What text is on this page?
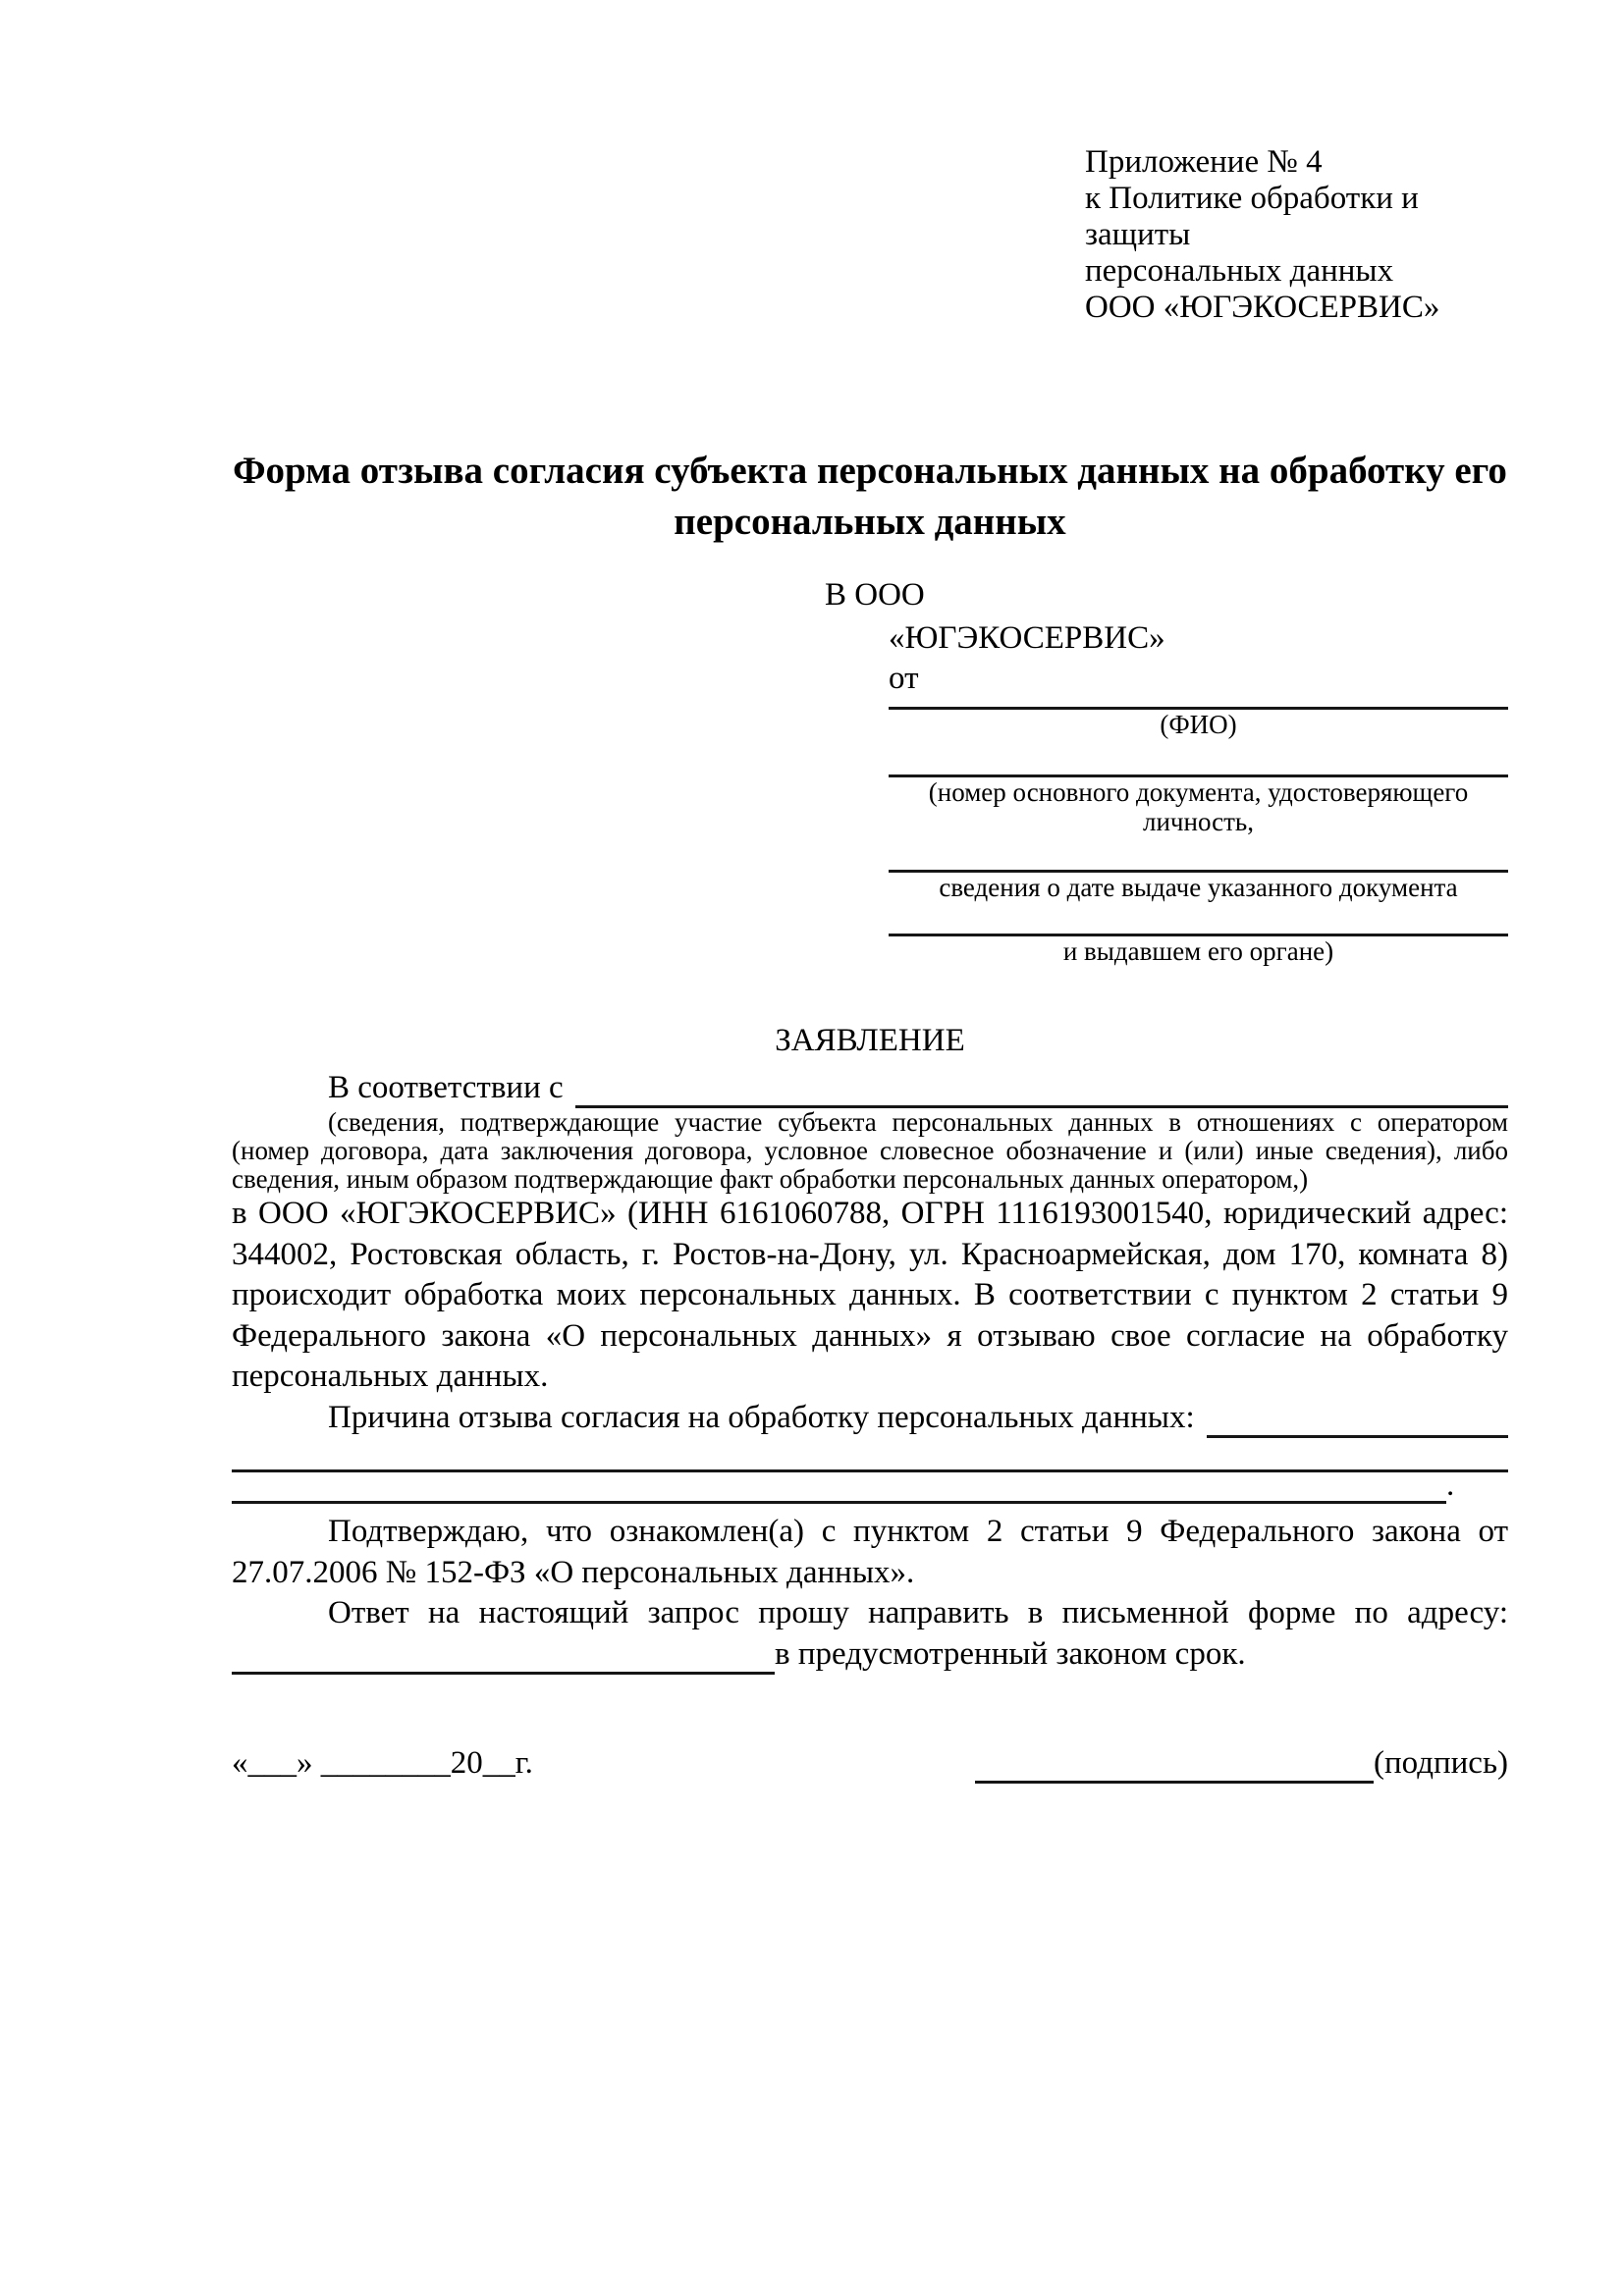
Приложение № 4
к Политике обработки и защиты
персональных данных
ООО «ЮГЭКОСЕРВИС»
Форма отзыва согласия субъекта персональных данных на обработку его персональных данных
В ООО
«ЮГЭКОСЕРВИС»
от
(ФИО)
(номер основного документа, удостоверяющего личность,
сведения о дате выдаче указанного документа
и выдавшем его органе)
ЗАЯВЛЕНИЕ
В соответствии с
(сведения, подтверждающие участие субъекта персональных данных в отношениях с оператором (номер договора, дата заключения договора, условное словесное обозначение и (или) иные сведения), либо сведения, иным образом подтверждающие факт обработки персональных данных оператором,)
в ООО «ЮГЭКОСЕРВИС» (ИНН 6161060788, ОГРН 1116193001540, юридический адрес: 344002, Ростовская область, г. Ростов-на-Дону, ул. Красноармейская, дом 170, комната 8) происходит обработка моих персональных данных. В соответствии с пунктом 2 статьи 9 Федерального закона «О персональных данных» я отзываю свое согласие на обработку персональных данных.
Причина отзыва согласия на обработку персональных данных:
.
Подтверждаю, что ознакомлен(а) с пунктом 2 статьи 9 Федерального закона от 27.07.2006 № 152-ФЗ «О персональных данных».
Ответ на настоящий запрос прошу направить в письменной форме по адресу:
в предусмотренный законом срок.
«___» ________20__г.	(подпись)
